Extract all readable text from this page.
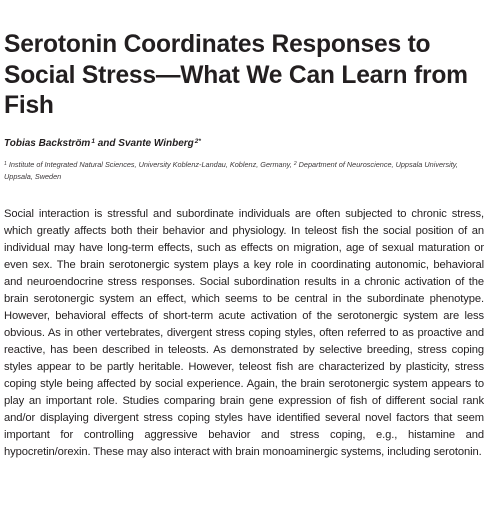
Serotonin Coordinates Responses to Social Stress—What We Can Learn from Fish

Tobias Backström$^1$ and Svante Winberg$^{2*}$

$^1$ Institute of Integrated Natural Sciences, University Koblenz-Landau, Koblenz, Germany, $^2$ Department of Neuroscience, Uppsala University, Uppsala, Sweden

Social interaction is stressful and subordinate individuals are often subjected to chronic stress, which greatly affects both their behavior and physiology. In teleost fish the social position of an individual may have long-term effects, such as effects on migration, age of sexual maturation or even sex. The brain serotonergic system plays a key role in coordinating autonomic, behavioral and neuroendocrine stress responses. Social subordination results in a chronic activation of the brain serotonergic system an effect, which seems to be central in the subordinate phenotype. However, behavioral effects of short-term acute activation of the serotonergic system are less obvious. As in other vertebrates, divergent stress coping styles, often referred to as proactive and reactive, has been described in teleosts. As demonstrated by selective breeding, stress coping styles appear to be partly heritable. However, teleost fish are characterized by plasticity, stress coping style being affected by social experience. Again, the brain serotonergic system appears to play an important role. Studies comparing brain gene expression of fish of different social rank and/or displaying divergent stress coping styles have identified several novel factors that seem important for controlling aggressive behavior and stress coping, e.g., histamine and hypocretin/orexin. These may also interact with brain monoaminergic systems, including serotonin.
